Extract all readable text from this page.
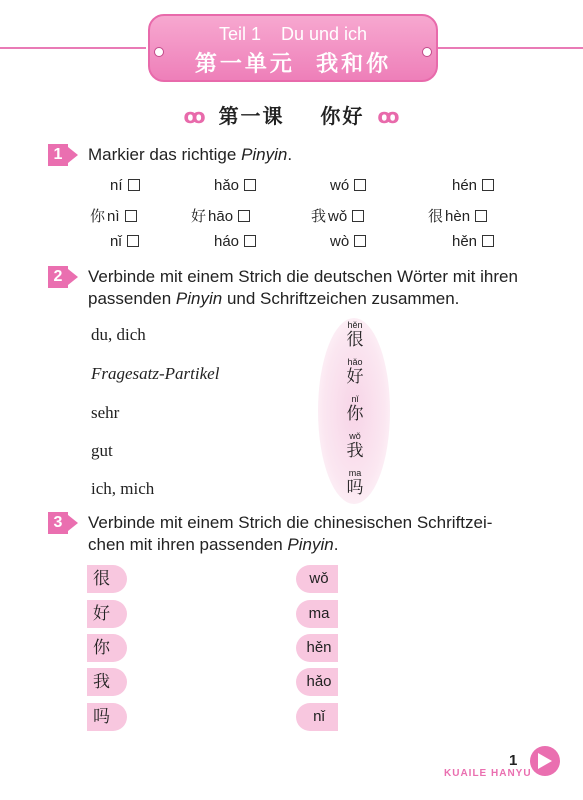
Teil 1    Du und ich
第一单元  我和你
ꝏ 第一课    你好 ꝏ
1	Markier das richtige Pinyin.
ní	hǎo	wó	hén
你 nì	好 hāo	我 wǒ	很 hèn
nǐ	háo	wò	hěn
2	Verbinde mit einem Strich die deutschen Wörter mit ihren
passenden Pinyin und Schriftzeichen zusammen.
du, dich
Fragesatz-Partikel
sehr
gut
ich, mich
hěn
很
hǎo
好
nǐ
你
wǒ
我
ma
吗
3	Verbinde mit einem Strich die chinesischen Schriftzei-
chen mit ihren passenden Pinyin.
很
好
你
我
吗
wǒ
ma
hěn
hǎo
nǐ
1
KUAILE HANYU
